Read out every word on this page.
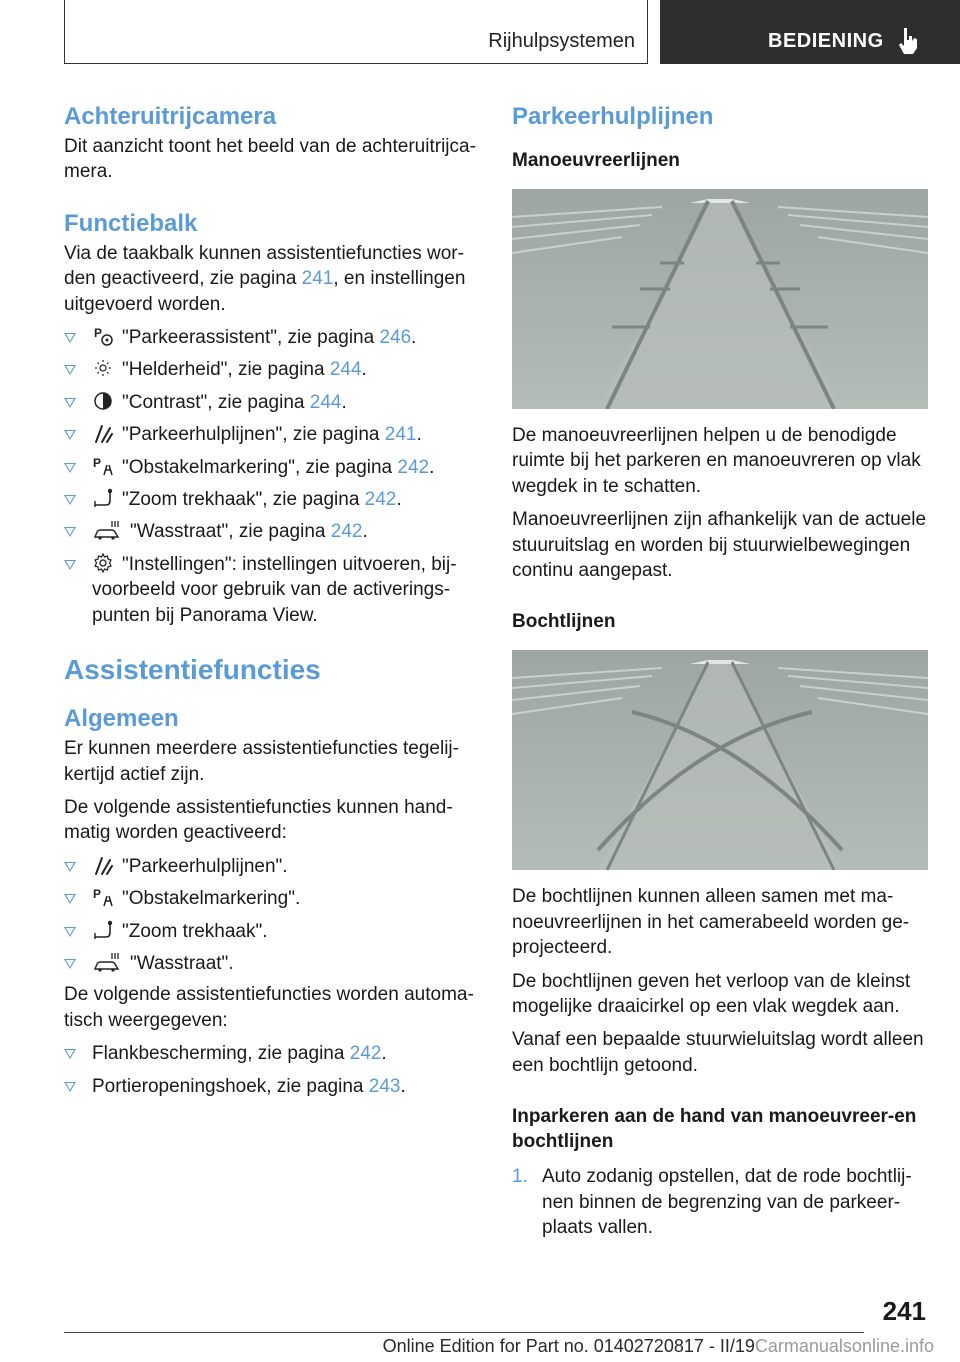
Rijhulpsystemen	BEDIENING
Achteruitrijcamera

Dit aanzicht toont het beeld van de achteruitrijca-mera.

Functiebalk

Via de taakbalk kunnen assistentiefuncties wor-den geactiveerd, zie pagina 241, en instellingen uitgevoerd worden.

P "Parkeerassistent", zie pagina 246.
"Helderheid", zie pagina 244.
"Contrast", zie pagina 244.
"Parkeerhulplijnen", zie pagina 241.
P "Obstakelmarkering", zie pagina 242.
"Zoom trekhaak", zie pagina 242.
"Wasstraat", zie pagina 242.
"Instellingen": instellingen uitvoeren, bij-voorbeeld voor gebruik van de activerings-punten bij Panorama View.
Assistentiefuncties
Algemeen

Er kunnen meerdere assistentiefuncties tegelij-kertijd actief zijn.

De volgende assistentiefuncties kunnen hand-matig worden geactiveerd:

"Parkeerhulplijnen".
P "Obstakelmarkering".
"Zoom trekhaak".
"Wasstraat".

De volgende assistentiefuncties worden automa-tisch weergegeven:

Flankbescherming, zie pagina 242.
Portieropeningshoek, zie pagina 243.
Parkeerhulplijnen
Manoeuvreerlijnen

De manoeuvreerlijnen helpen u de benodigde ruimte bij het parkeren en manoeuvreren op vlak wegdek in te schatten.

Manoeuvreerlijnen zijn afhankelijk van de actuele stuuruitslag en worden bij stuurwielbewegingen continu aangepast.

Bochtlijnen

De bochtlijnen kunnen alleen samen met ma-noeuvreerlijnen in het camerabeeld worden ge-projecteerd.

De bochtlijnen geven het verloop van de kleinst mogelijke draaicirkel op een vlak wegdek aan.

Vanaf een bepaalde stuurwieluitslag wordt alleen een bochtlijn getoond.

Inparkeren aan de hand van manoeuvreer-en bochtlijnen
1. Auto zodanig opstellen, dat de rode bochtlij-nen binnen de begrenzing van de parkeer-plaats vallen.
241
Online Edition for Part no. 01402720817 - II/19Carmanualsonline.info
